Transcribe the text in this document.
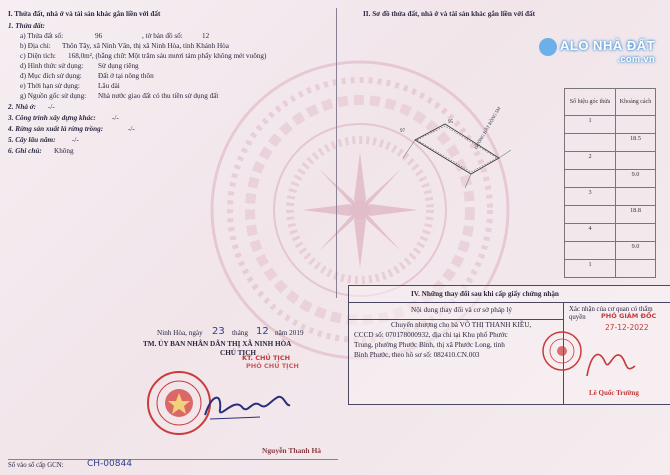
ALO NHÀ ĐẤT
.com.vn
I. Thửa đất, nhà ở và tài sản khác gắn liền với đất
1. Thửa đất:
a) Thửa đất số:	96	, tờ bản đồ số:	12
b) Địa chỉ: Thôn Tây, xã Ninh Vân, thị xã Ninh Hòa, tỉnh Khánh Hòa
c) Diện tích: 168,0m², (bằng chữ: Một trăm sáu mươi tám phẩy không mét vuông)
d) Hình thức sử dụng: Sử dụng riêng
đ) Mục đích sử dụng: Đất ở tại nông thôn
e) Thời hạn sử dụng:	Lâu dài
g) Nguồn gốc sử dụng: Nhà nước giao đất có thu tiền sử dụng đất
2. Nhà ở: -/-
3. Công trình xây dựng khác: -/-
4. Rừng sản xuất là rừng trồng:	-/-
5. Cây lâu năm: -/-
6. Ghi chú: Không
II. Sơ đồ thửa đất, nhà ở và tài sản khác gắn liền với đất
97
95	ĐƯỜNG ĐẤT RỘNG 5M
Số hiệu góc thửa	Khoảng cách
1	
	18.5
2	
	9.0
3	
	18.8
4	
	9.0
1	
Ninh Hòa, ngày 23 tháng 12 năm 2019
TM. ỦY BAN NHÂN DÂN THỊ XÃ NINH HÒA
CHỦ TỊCH
KT. CHỦ TỊCH
PHÓ CHỦ TỊCH
Nguyễn Thanh Hà
Số vào sổ cấp GCN:	CH-00844
IV. Những thay đổi sau khi cấp giấy chứng nhận
Nội dung thay đổi và cơ sở pháp lý	Xác nhận của cơ quan có thẩm quyền
Chuyển nhượng cho bà VÕ THỊ THANH KIỀU,
CCCD số: 070178000932, địa chỉ tại Khu phố Phước
Trung, phường Phước Bình, thị xã Phước Long, tỉnh
Bình Phước, theo hồ sơ số: 082410.CN.003
PHÓ GIÁM ĐỐC
27-12-2022
Lê Quốc Trường
